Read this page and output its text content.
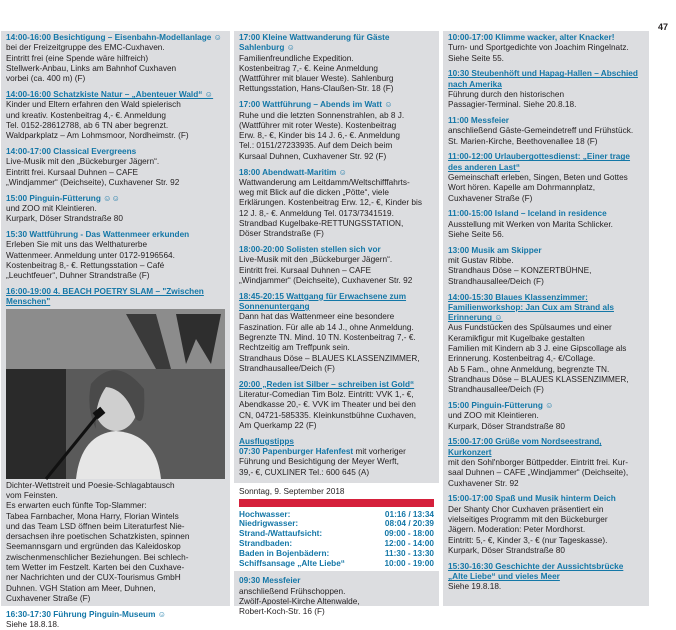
47
14:00-16:00 Besichtigung – Eisenbahn-Modellanlage ☺
bei der Freizeitgruppe des EMC-Cuxhaven.
Eintritt frei (eine Spende wäre hilfreich)
Stellwerk-Anbau, Links am Bahnhof Cuxhaven
vorbei (ca. 400 m) (F)
14:00-16:00 Schatzkiste Natur – „Abenteuer Wald“ ☺
Kinder und Eltern erfahren den Wald spielerisch
und kreativ. Kostenbeitrag 4,- €. Anmeldung
Tel. 0152-28612788, ab 6 TN aber begrenzt.
Waldparkplatz – Am Lohmsmoor, Nordheimstr. (F)
14:00-17:00 Classical Evergreens
Live-Musik mit den „Bückeburger Jägern“.
Eintritt frei. Kursaal Duhnen – CAFE
„Windjammer“ (Deichseite), Cuxhavener Str. 92
15:00 Pinguin-Fütterung ☺☺
und ZOO mit Kleintieren.
Kurpark, Döser Strandstraße 80
15:30 Wattführung - Das Wattenmeer erkunden
Erleben Sie mit uns das Welthaturerbe
Wattenmeer. Anmeldung unter 0172-9196564.
Kostenbeitrag 8,- €. Rettungsstation – Café
„Leuchtfeuer“, Duhner Strandstraße (F)
16:00-19:00 4. BEACH POETRY SLAM – "Zwischen Menschen"
Dichter-Wettstreit und Poesie-Schlagabtausch
vom Feinsten.
Es erwarten euch fünfte Top-Slammer:
Tabea Farnbacher, Mona Harry, Florian Wintels
und das Team LSD öffnen beim Literaturfest Nie-
dersachsen ihre poetischen Schatzkisten, spinnen
Seemannsgarn und ergründen das Kaleidoskop
zwischenmenschlicher Beziehungen. Bei schlech-
tem Wetter im Festzelt. Karten bei den Cuxhave-
ner Nachrichten und der CUX-Tourismus GmbH
Duhnen. VGH Station am Meer, Duhnen,
Cuxhavener Straße (F)
16:30-17:30 Führung Pinguin-Museum ☺
Siehe 18.8.18.
17:00 Kleine Wattwanderung für Gäste Sahlenburg ☺
Familienfreundliche Expedition.
Kostenbeitrag 7,- €. Keine Anmeldung
(Wattführer mit blauer Weste). Sahlenburg
Rettungsstation, Hans-Claußen-Str. 18 (F)
17:00 Wattführung – Abends im Watt ☺
Ruhe und die letzten Sonnenstrahlen, ab 8 J.
(Wattführer mit roter Weste). Kostenbeitrag
Erw. 8,- €, Kinder bis 14 J. 6,- €. Anmeldung
Tel.: 0151/27233935. Auf dem Deich beim
Kursaal Duhnen, Cuxhavener Str. 92 (F)
18:00 Abendwatt-Maritim ☺
Wattwanderung am Leitdamm/Weltschifffahrts-
weg mit Blick auf die dicken „Pötte“, viele
Erklärungen. Kostenbeitrag Erw. 12,- €, Kinder bis
12 J. 8,- €. Anmeldung Tel. 0173/7341519.
Strandbad Kugelbake-RETTUNGSSTATION,
Döser Strandstraße (F)
18:00-20:00 Solisten stellen sich vor
Live-Musik mit den „Bückeburger Jägern“.
Eintritt frei. Kursaal Duhnen – CAFE
„Windjammer“ (Deichseite), Cuxhavener Str. 92
18:45-20:15 Wattgang für Erwachsene zum Sonnenuntergang
Dann hat das Wattenmeer eine besondere
Faszination. Für alle ab 14 J., ohne Anmeldung.
Begrenzte TN. Mind. 10 TN. Kostenbeitrag 7,- €.
Rechtzeitig am Treffpunk sein.
Strandhaus Döse – BLAUES KLASSENZIMMER,
Strandhausallee/Deich (F)
20:00 „Reden ist Silber – schreiben ist Gold“
Literatur-Comedian Tim Bolz. Eintritt: VVK 1,- €,
Abendkasse 20,- €. VVK im Theater und bei den
CN, 04721-585335. Kleinkunstbühne Cuxhaven,
Am Querkamp 22 (F)
Ausflugstipps
07:30 Papenburger Hafenfest mit vorheriger
Führung und Besichtigung der Meyer Werft,
39,- €, CUXLINER Tel.: 600 645 (A)
Sonntag, 9. September 2018
Hochwasser:	01:16 / 13:34
Niedrigwasser:	08:04 / 20:39
Strand-/Wattaufsicht:	09:00 - 18:00
Strandbaden:	12:00 - 14:00
Baden in Bojenbädern:	11:30 - 13:30
Schiffsansage „Alte Liebe“	10:00 - 19:00
09:30 Messfeier
anschließend Frühschoppen.
Zwölf-Apostel-Kirche Altenwalde,
Robert-Koch-Str. 16 (F)
10:00-17:00 Klimme wacker, alter Knacker!
Turn- und Sportgedichte von Joachim Ringelnatz.
Siehe Seite 55.
10:30 Steubenhöft und Hapag-Hallen – Abschied nach Amerika
Führung durch den historischen
Passagier-Terminal. Siehe 20.8.18.
11:00 Messfeier
anschließend Gäste-Gemeindetreff und Frühstück.
St. Marien-Kirche, Beethovenallee 18 (F)
11:00-12:00 Urlaubergottesdienst: „Einer trage des anderen Last“
Gemeinschaft erleben, Singen, Beten und Gottes
Wort hören. Kapelle am Dohrmannplatz,
Cuxhavener Straße (F)
11:00-15:00 Island – Iceland in residence
Ausstellung mit Werken von Marita Schlicker.
Siehe Seite 56.
13:00 Musik am Skipper
mit Gustav Ribbe.
Strandhaus Döse – KONZERTBÜHNE,
Strandhausallee/Deich (F)
14:00-15:30 Blaues Klassenzimmer: Familienworkshop: Jan Cux am Strand als Erinnerung ☺
Aus Fundstücken des Spülsaumes und einer
Keramikfigur mit Kugelbake gestalten
Familien mit Kindern ab 3 J. eine Gipscollage als
Erinnerung. Kostenbeitrag 4,- €/Collage.
Ab 5 Fam., ohne Anmeldung, begrenzte TN.
Strandhaus Döse – BLAUES KLASSENZIMMER,
Strandhausallee/Deich (F)
15:00 Pinguin-Fütterung ☺
und ZOO mit Kleintieren.
Kurpark, Döser Strandstraße 80
15:00-17:00 Grüße vom Nordseestrand, Kurkonzert
mit den Sohl'nborger Büttpedder. Eintritt frei. Kur-
saal Duhnen – CAFE „Windjammer“ (Deichseite),
Cuxhavener Str. 92
15:00-17:00 Spaß und Musik hinterm Deich
Der Shanty Chor Cuxhaven präsentiert ein
vielseitiges Programm mit den Bückeburger
Jägern. Moderation: Peter Mordhorst.
Eintritt: 5,- €, Kinder 3,- € (nur Tageskasse).
Kurpark, Döser Strandstraße 80
15:30-16:30 Geschichte der Aussichtsbrücke „Alte Liebe“ und vieles Meer
Siehe 19.8.18.
